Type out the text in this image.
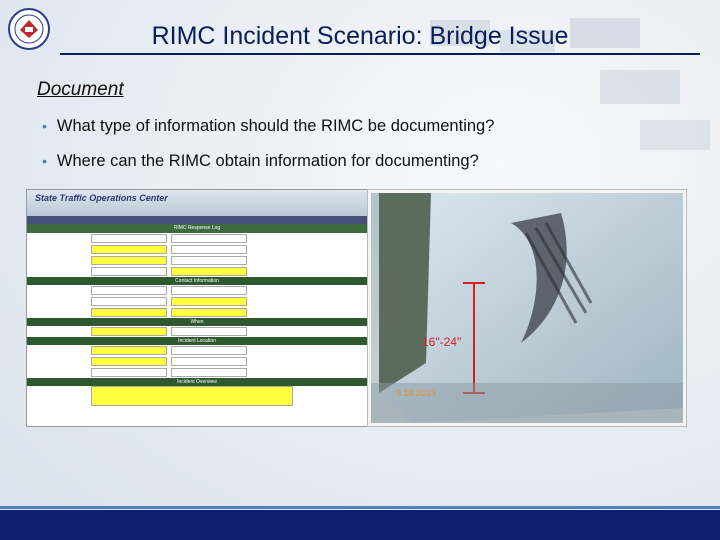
RIMC Incident Scenario: Bridge Issue
Document
• What type of information should the RIMC be documenting?
• Where can the RIMC obtain information for documenting?
State Traffic Operations Center
RIMC Response Log
Contact Information
When
Incident Location
Incident Overview
16"-24"
9.18.2013
